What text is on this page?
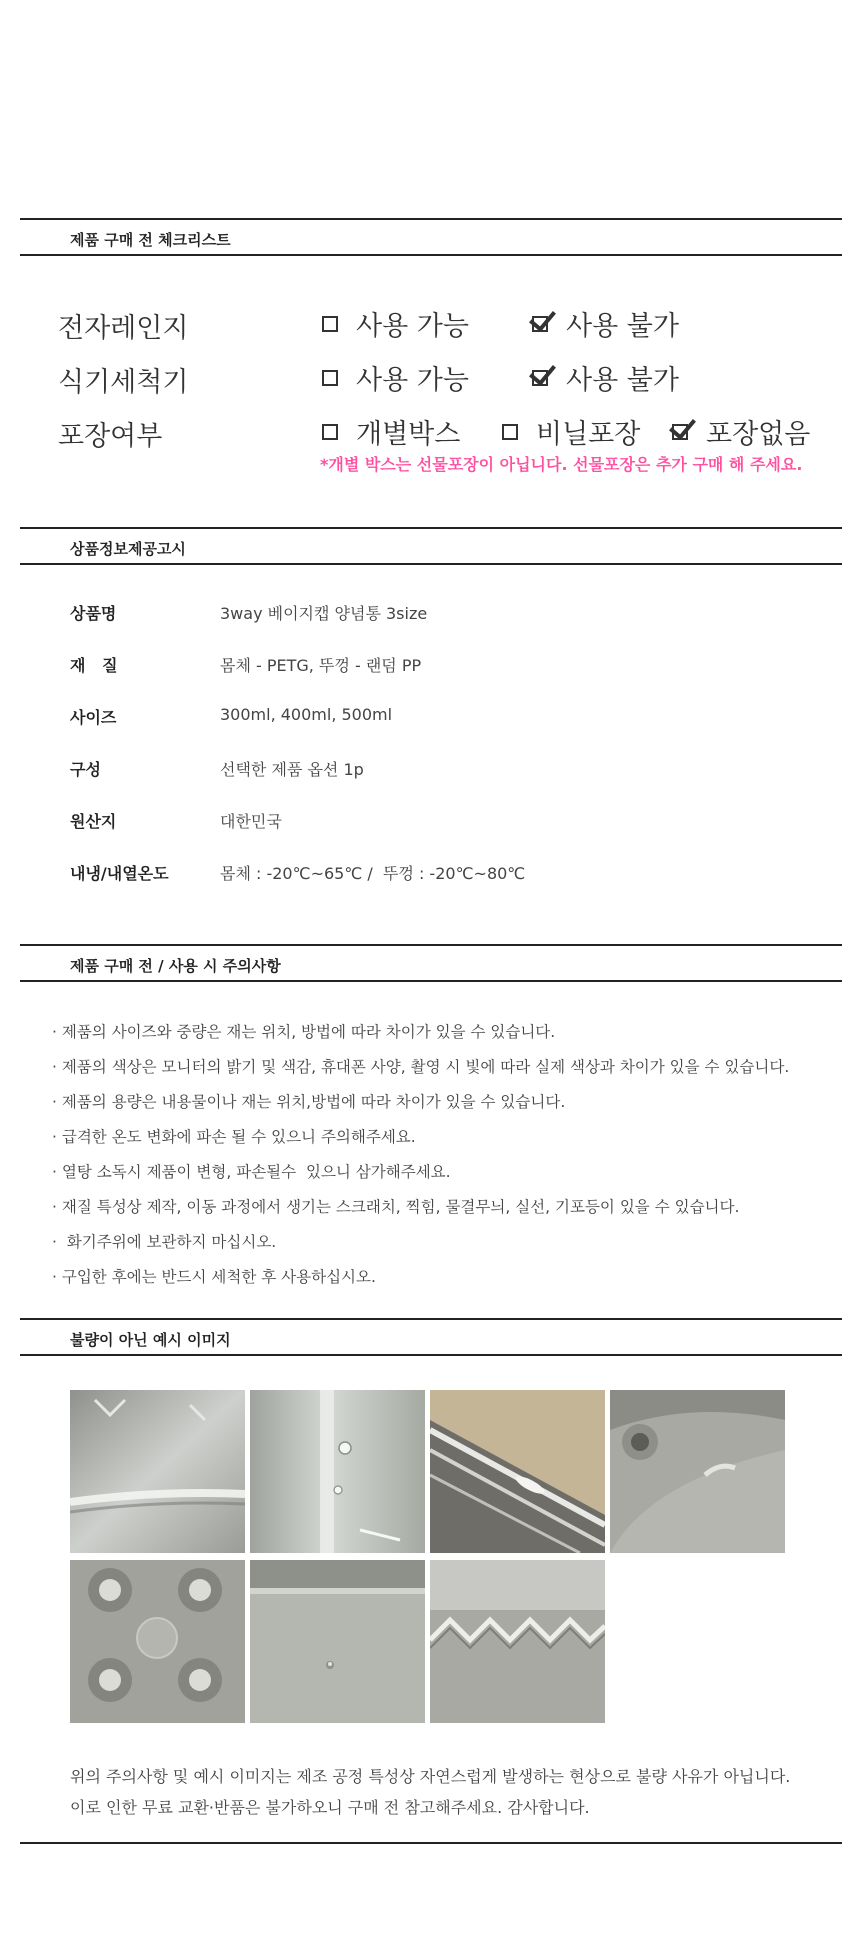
제품 구매 전 체크리스트
전자레인지	사용 가능	사용 불가
식기세척기	사용 가능	사용 불가
포장여부	개별박스	비닐포장 포장없음
*개별 박스는 선물포장이 아닙니다. 선물포장은 추가 구매 해 주세요.
상품정보제공고시
상품명	3way 베이지캡 양념통 3size
재   질	몸체 - PETG, 뚜껑 - 랜덤 PP
사이즈	300ml, 400ml, 500ml
구성	선택한 제품 옵션 1p
원산지	대한민국
내냉/내열온도	몸체 : -20℃~65℃ /  뚜껑 : -20℃~80℃
제품 구매 전 / 사용 시 주의사항
· 제품의 사이즈와 중량은 재는 위치, 방법에 따라 차이가 있을 수 있습니다.
· 제품의 색상은 모니터의 밝기 및 색감, 휴대폰 사양, 촬영 시 빛에 따라 실제 색상과 차이가 있을 수 있습니다.
· 제품의 용량은 내용물이나 재는 위치,방법에 따라 차이가 있을 수 있습니다.
· 급격한 온도 변화에 파손 될 수 있으니 주의해주세요.
· 열탕 소독시 제품이 변형, 파손될수  있으니 삼가해주세요.
· 재질 특성상 제작, 이동 과정에서 생기는 스크래치, 찍힘, 물결무늬, 실선, 기포등이 있을 수 있습니다.
·  화기주위에 보관하지 마십시오.
· 구입한 후에는 반드시 세척한 후 사용하십시오.
불량이 아닌 예시 이미지
위의 주의사항 및 예시 이미지는 제조 공정 특성상 자연스럽게 발생하는 현상으로 불량 사유가 아닙니다.
이로 인한 무료 교환·반품은 불가하오니 구매 전 참고해주세요. 감사합니다.
